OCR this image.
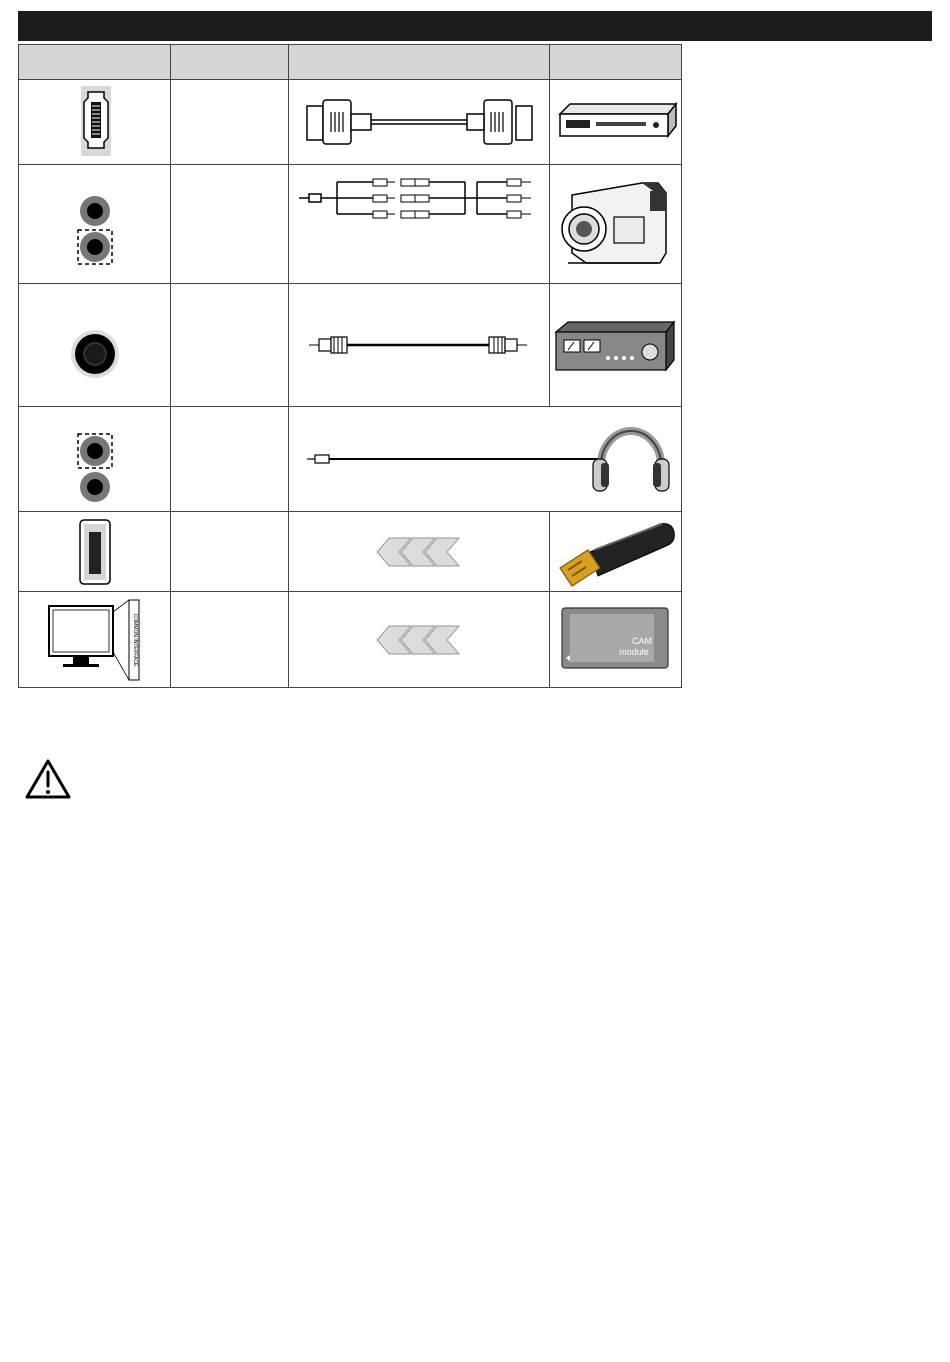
COMMON INTERFACE			CAM
module
